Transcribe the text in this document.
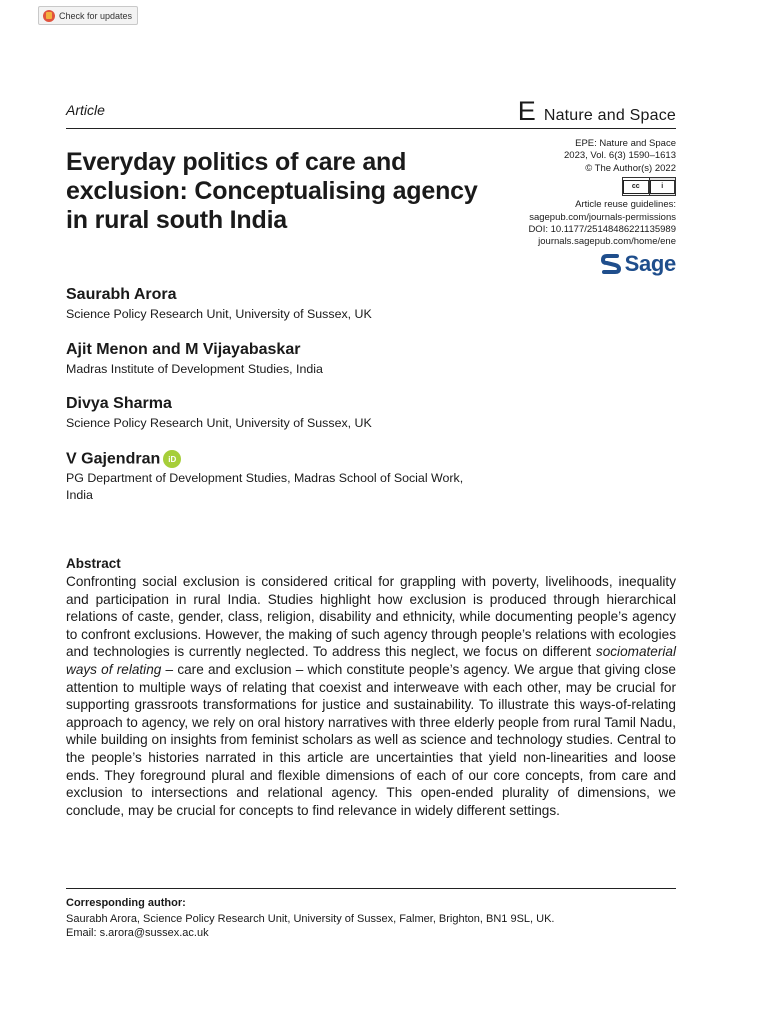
Check for updates
Article	E Nature and Space
EPE: Nature and Space
2023, Vol. 6(3) 1590–1613
© The Author(s) 2022
cc	i
Article reuse guidelines:
sagepub.com/journals-permissions
DOI: 10.1177/25148486221135989
journals.sagepub.com/home/ene
Sage
Everyday politics of care and exclusion: Conceptualising agency in rural south India
Saurabh Arora
Science Policy Research Unit, University of Sussex, UK
Ajit Menon and M Vijayabaskar
Madras Institute of Development Studies, India
Divya Sharma
Science Policy Research Unit, University of Sussex, UK
V Gajendran iD
PG Department of Development Studies, Madras School of Social Work,
India
Abstract

Confronting social exclusion is considered critical for grappling with poverty, livelihoods, inequality and participation in rural India. Studies highlight how exclusion is produced through hierarchical relations of caste, gender, class, religion, disability and ethnicity, while documenting people’s agency to confront exclusions. However, the making of such agency through people’s relations with ecologies and technologies is currently neglected. To address this neglect, we focus on different sociomaterial ways of relating – care and exclusion – which constitute people’s agency. We argue that giving close attention to multiple ways of relating that coexist and interweave with each other, may be crucial for supporting grassroots transformations for justice and sustainability. To illustrate this ways-of-relating approach to agency, we rely on oral history narratives with three elderly people from rural Tamil Nadu, while building on insights from feminist scholars as well as science and technology studies. Central to the people’s histories narrated in this article are uncertainties that yield non-linearities and loose ends. They foreground plural and flexible dimensions of each of our core concepts, from care and exclusion to intersections and relational agency. This open-ended plurality of dimensions, we conclude, may be crucial for concepts to find relevance in widely different settings.

Corresponding author:
Saurabh Arora, Science Policy Research Unit, University of Sussex, Falmer, Brighton, BN1 9SL, UK.
Email: s.arora@sussex.ac.uk
